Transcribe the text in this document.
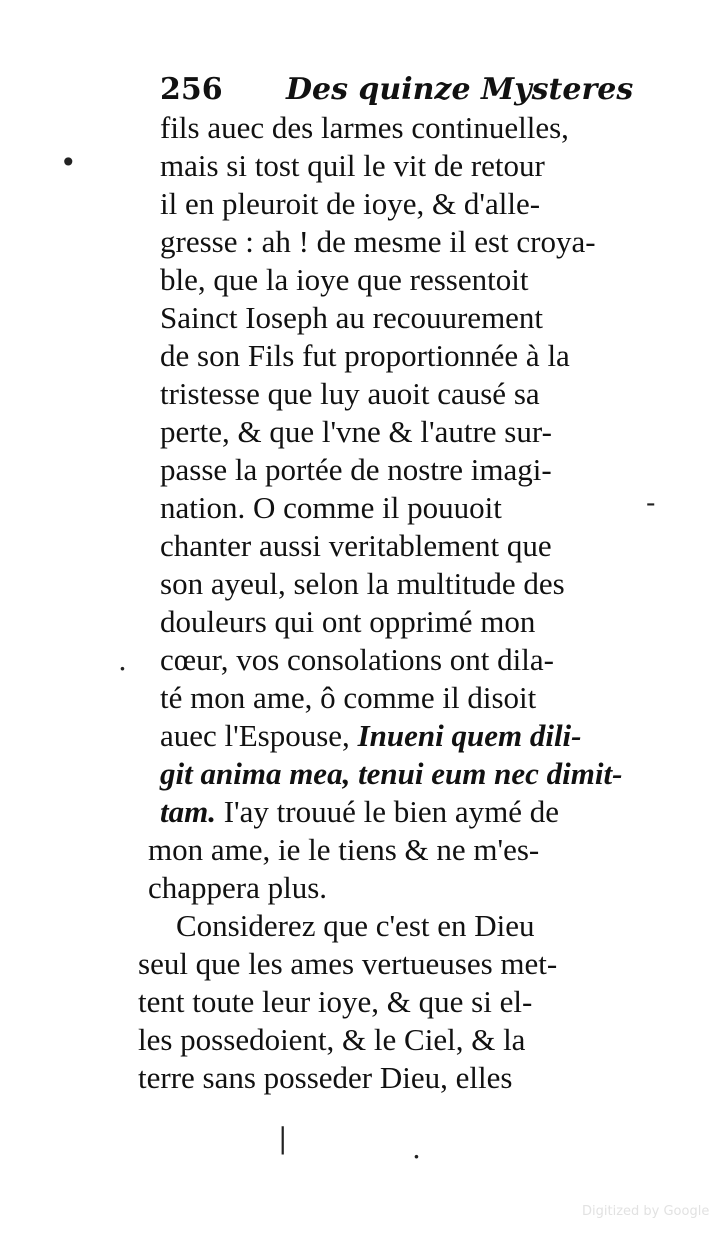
256 Des quinze Mysteres
fils auec des larmes continuelles,
mais si tost quil le vit de retour
il en pleuroit de ioye, & d'alle-
gresse : ah ! de mesme il est croya-
ble, que la ioye que ressentoit
Sainct Ioseph au recouurement
de son Fils fut proportionnée à la
tristesse que luy auoit causé sa
perte, & que l'vne & l'autre sur-
passe la portée de nostre imagi-
nation. O comme il pouuoit
chanter aussi veritablement que
son ayeul, selon la multitude des
douleurs qui ont opprimé mon
cœur, vos consolations ont dila-
té mon ame, ô comme il disoit
auec l'Espouse, Inueni quem dili-
git anima mea, tenui eum nec dimit-
tam. I'ay trouué le bien aymé de
mon ame, ie le tiens & ne m'es-
chappera plus.
Considerez que c'est en Dieu
seul que les ames vertueuses met-
tent toute leur ioye, & que si el-
les possedoient, & le Ciel, & la
terre sans posseder Dieu, elles
•
.
-
.
|
Digitized by Google
